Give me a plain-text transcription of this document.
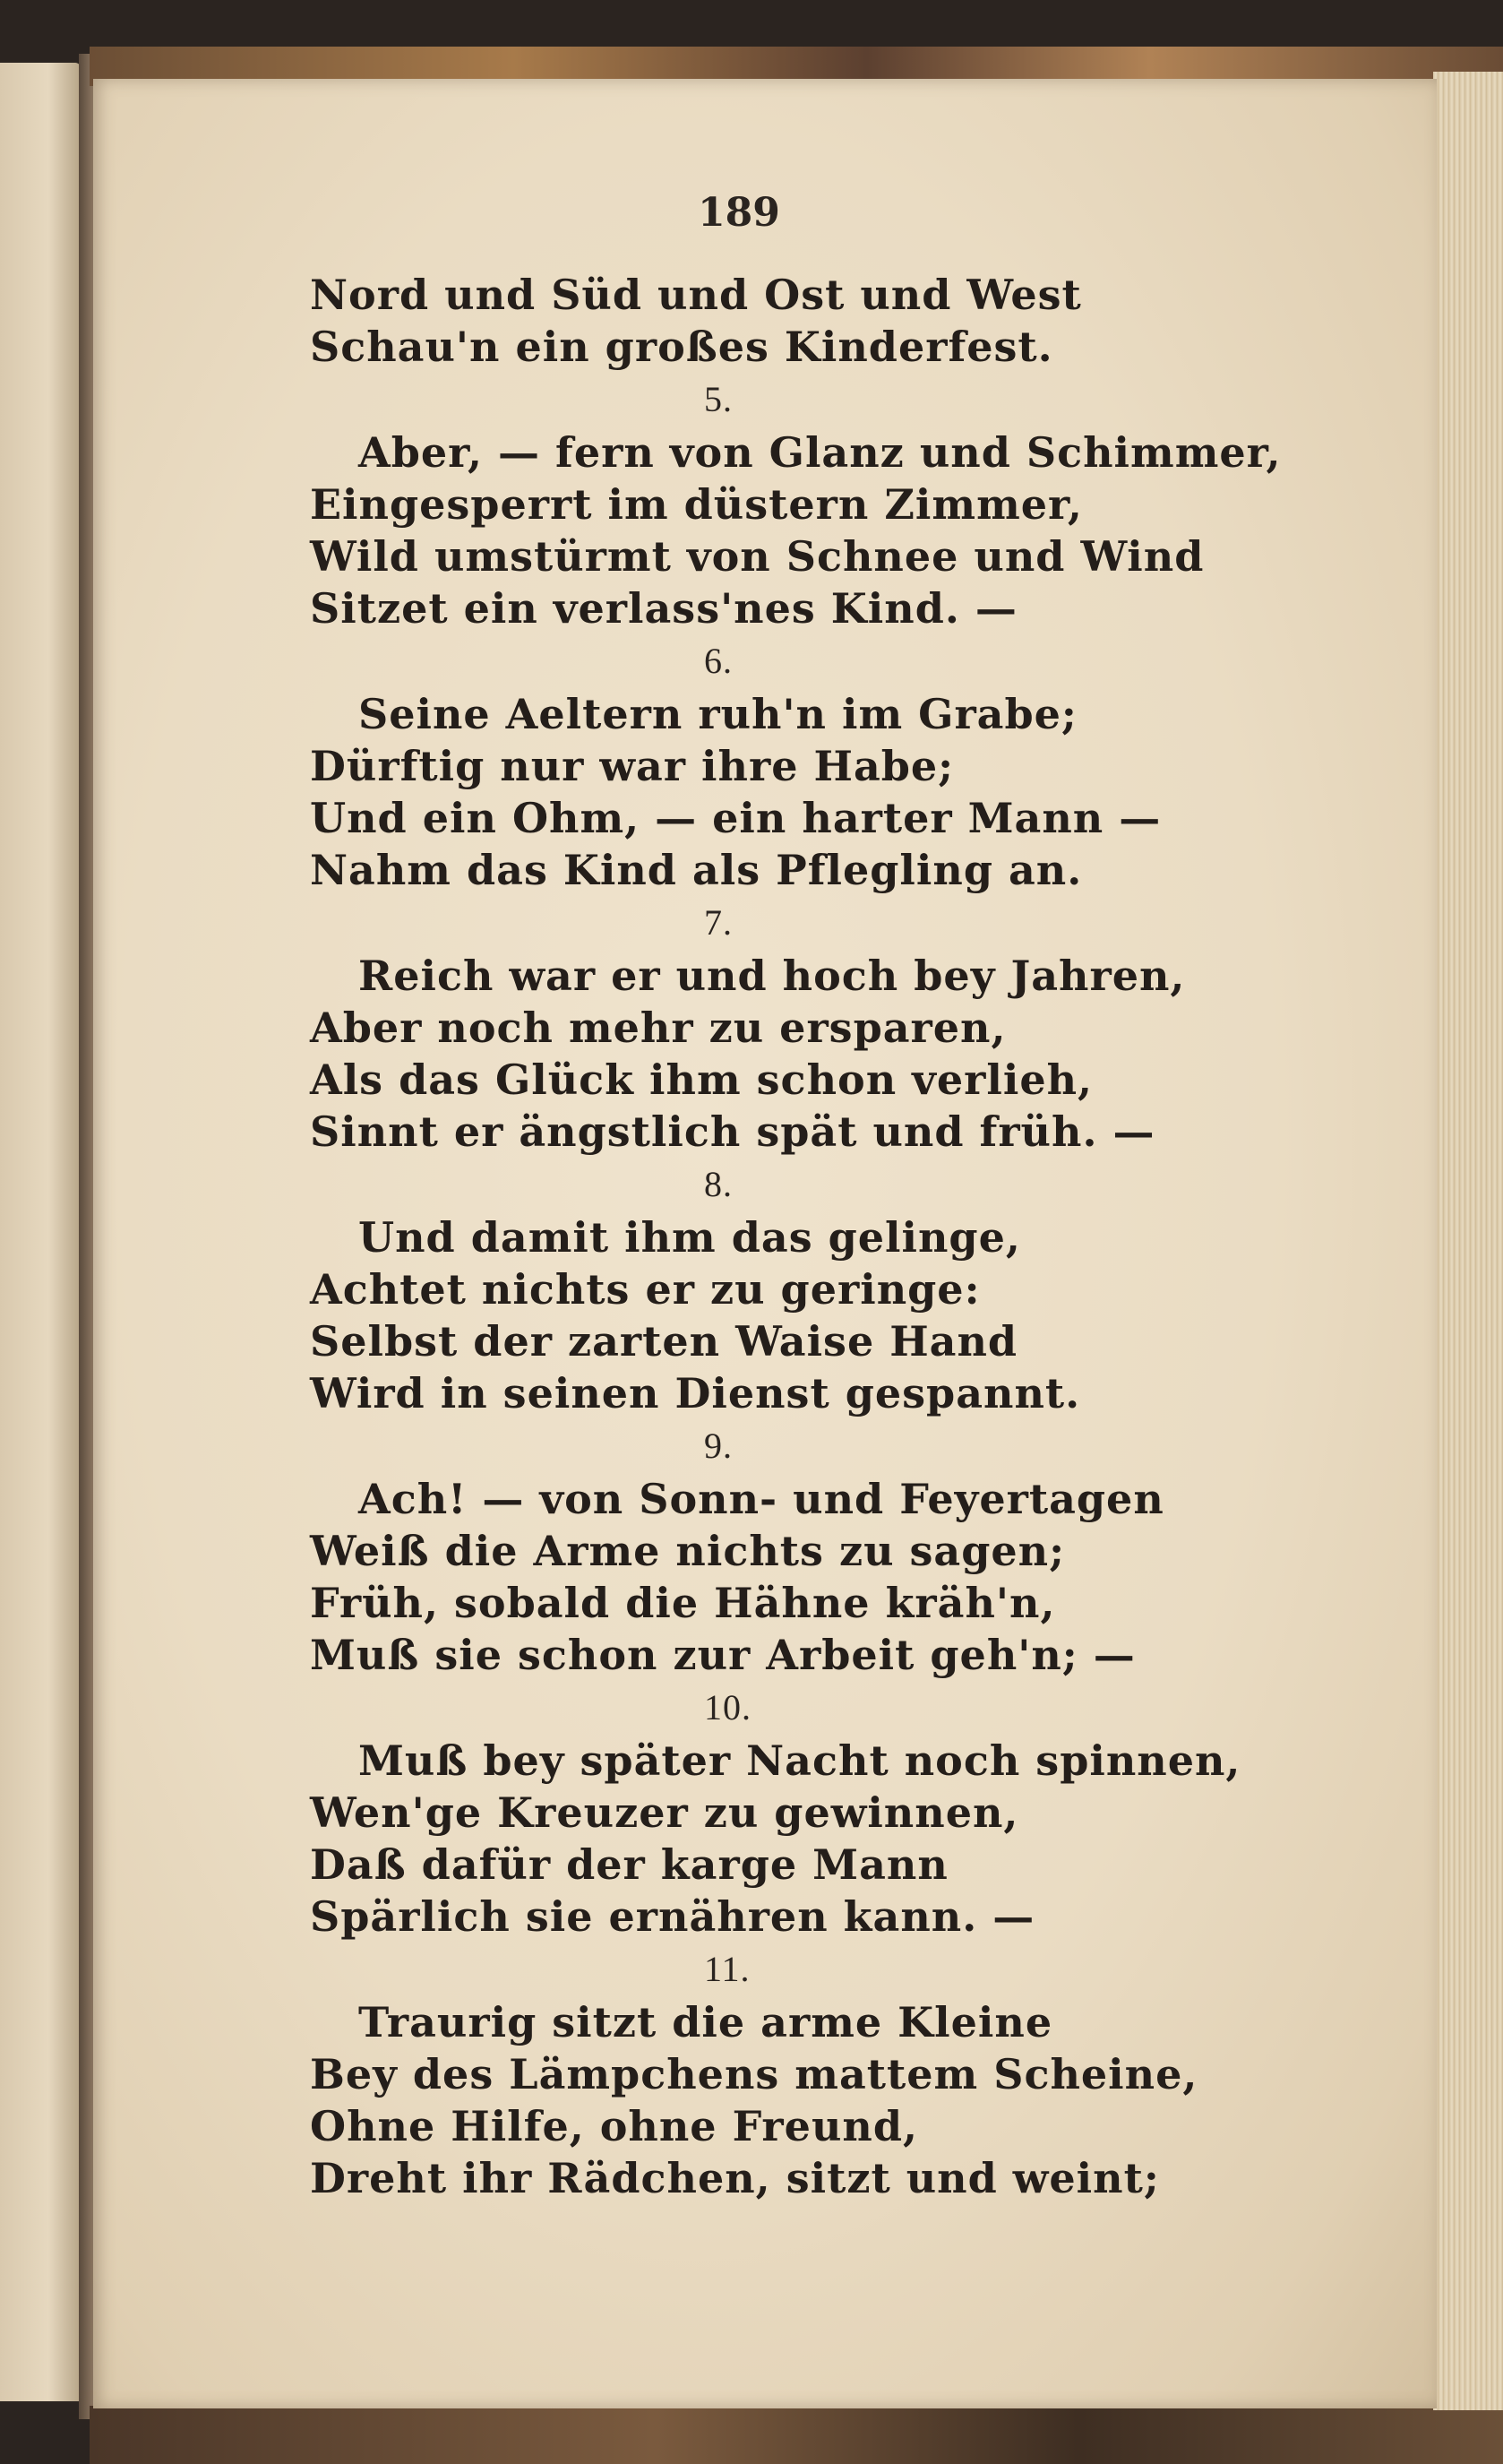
189
Nord und Süd und Ost und West
Schau'n ein großes Kinderfest.
5.
Aber, — fern von Glanz und Schimmer,
Eingesperrt im düstern Zimmer,
Wild umstürmt von Schnee und Wind
Sitzet ein verlass'nes Kind. —
6.
Seine Aeltern ruh'n im Grabe;
Dürftig nur war ihre Habe;
Und ein Ohm, — ein harter Mann —
Nahm das Kind als Pflegling an.
7.
Reich war er und hoch bey Jahren,
Aber noch mehr zu ersparen,
Als das Glück ihm schon verlieh,
Sinnt er ängstlich spät und früh. —
8.
Und damit ihm das gelinge,
Achtet nichts er zu geringe:
Selbst der zarten Waise Hand
Wird in seinen Dienst gespannt.
9.
Ach! — von Sonn- und Feyertagen
Weiß die Arme nichts zu sagen;
Früh, sobald die Hähne kräh'n,
Muß sie schon zur Arbeit geh'n; —
10.
Muß bey später Nacht noch spinnen,
Wen'ge Kreuzer zu gewinnen,
Daß dafür der karge Mann
Spärlich sie ernähren kann. —
11.
Traurig sitzt die arme Kleine
Bey des Lämpchens mattem Scheine,
Ohne Hilfe, ohne Freund,
Dreht ihr Rädchen, sitzt und weint;
